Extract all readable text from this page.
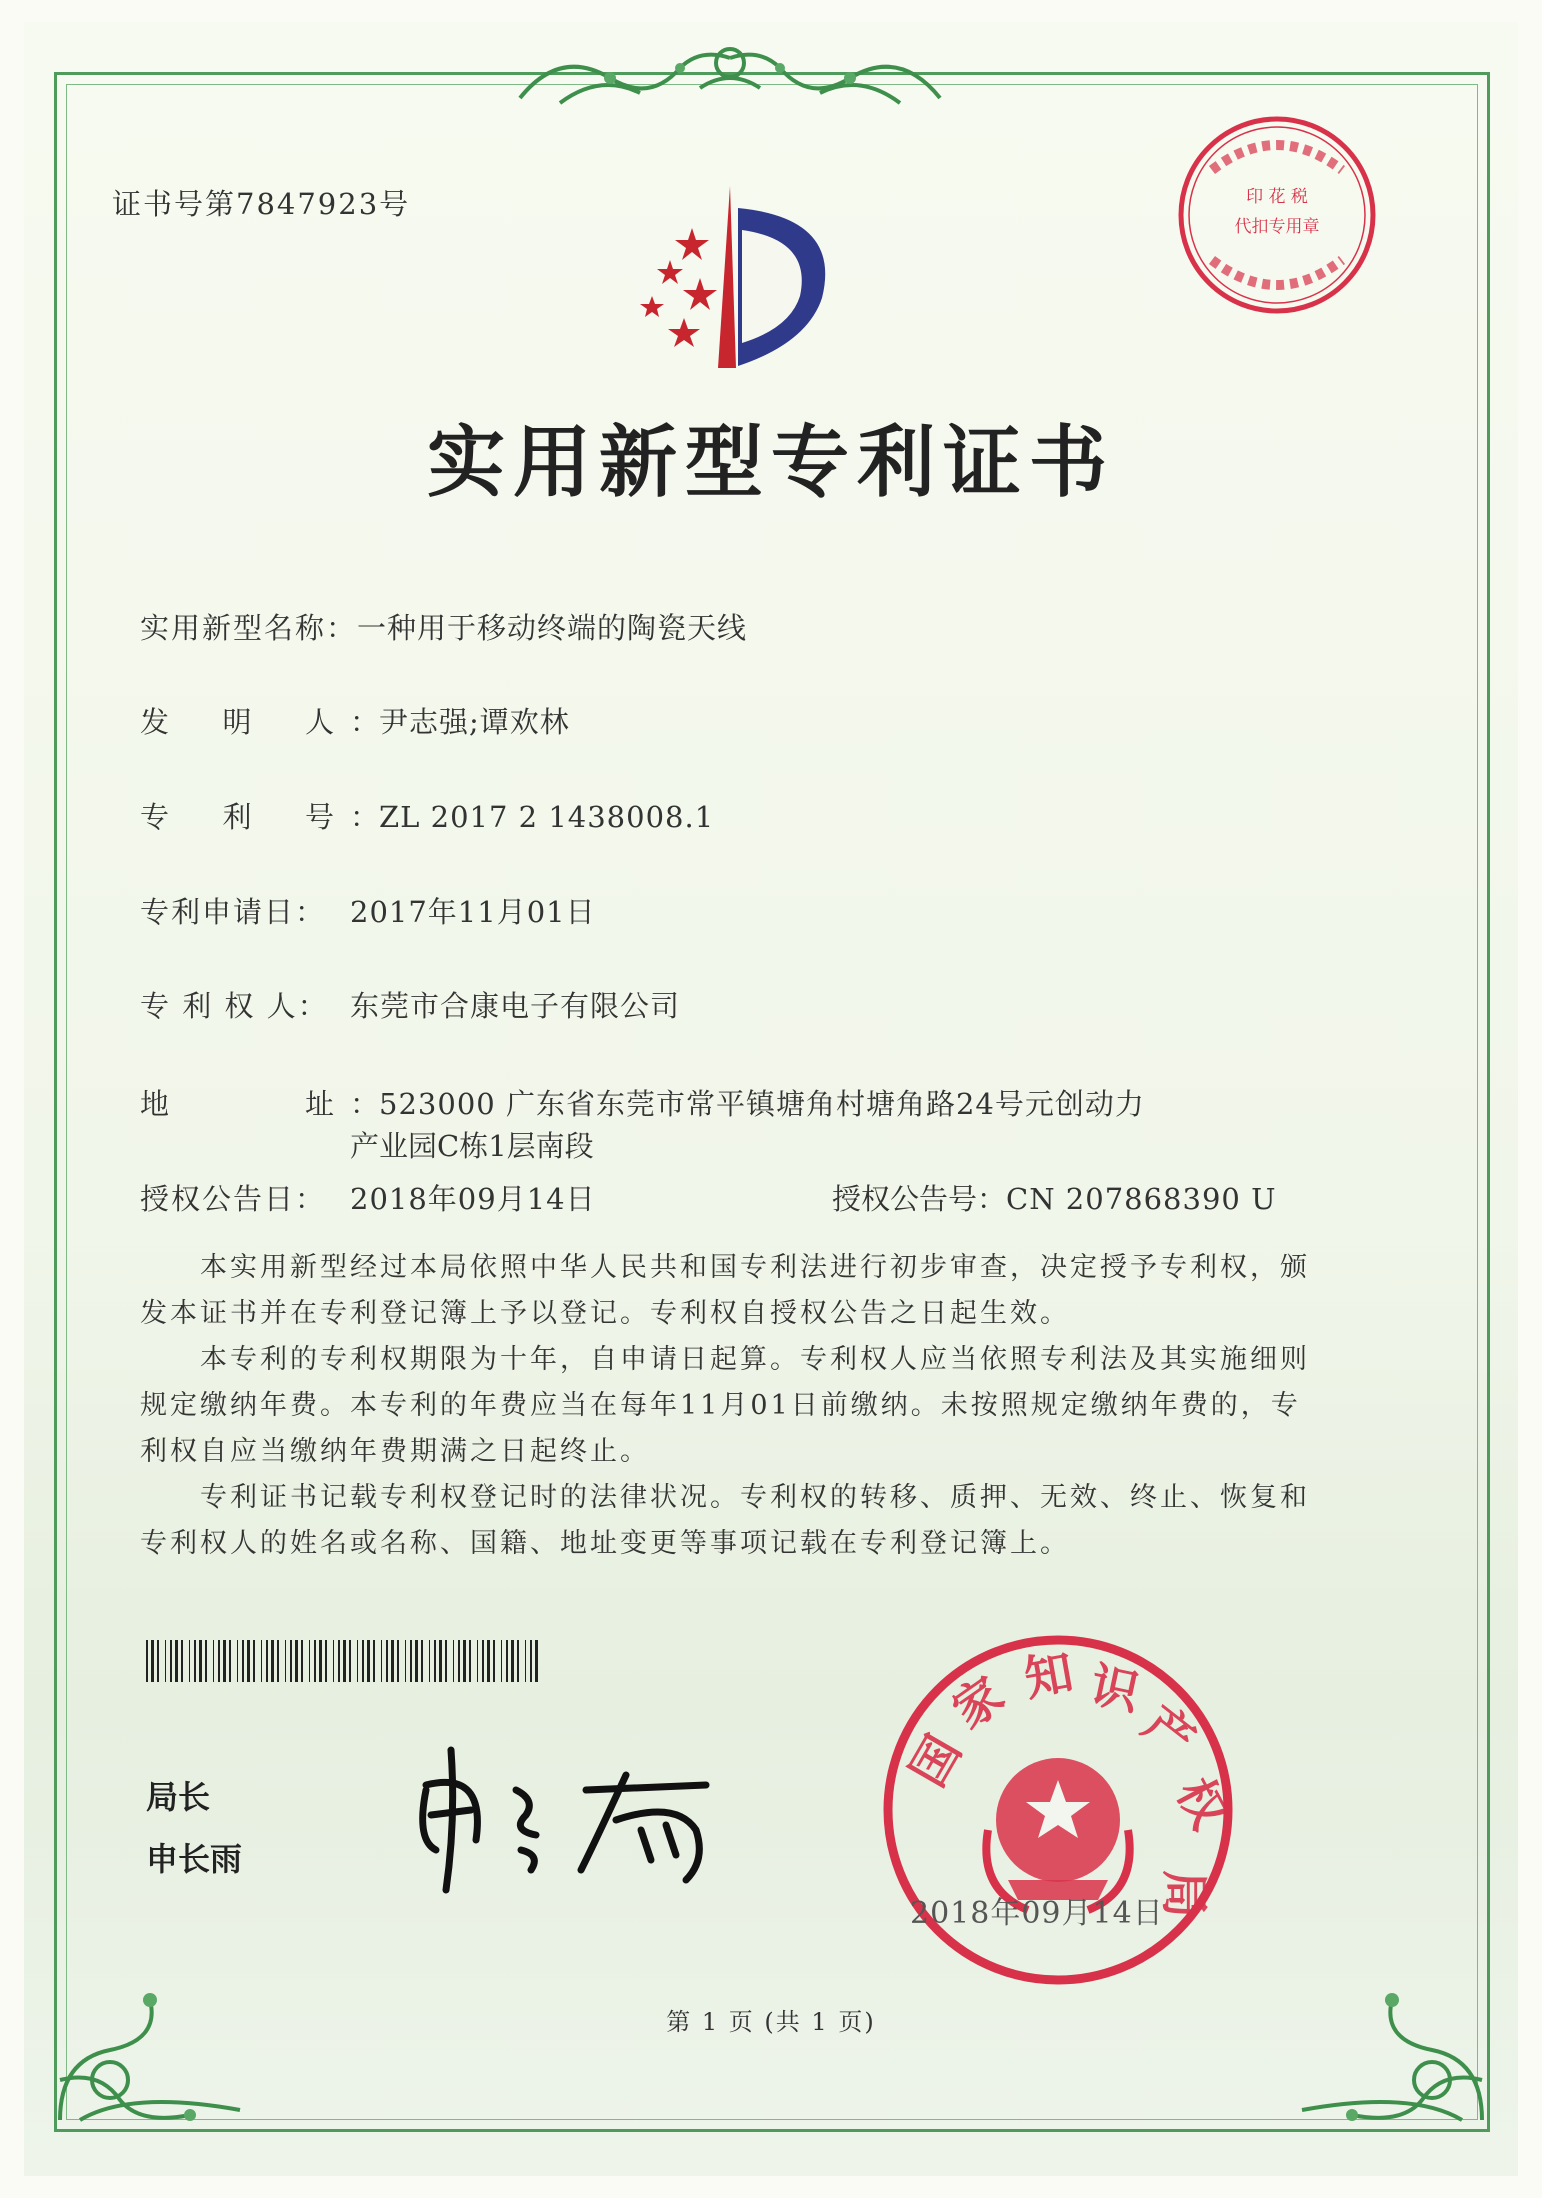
证书号第7847923号	印 花 税
代扣专用章
实用新型专利证书
实用新型名称：一种用于移动终端的陶瓷天线
发 明 人 ：尹志强;谭欢林
专 利 号 ：ZL 2017 2 1438008.1
专利申请日： 2017年11月01日
专 利 权 人： 东莞市合康电子有限公司
地	址 ：523000 广东省东莞市常平镇塘角村塘角路24号元创动力
产业园C栋1层南段
授权公告日： 2018年09月14日	授权公告号：CN 207868390 U

本实用新型经过本局依照中华人民共和国专利法进行初步审查，决定授予专利权，颁发本证书并在专利登记簿上予以登记。专利权自授权公告之日起生效。

本专利的专利权期限为十年，自申请日起算。专利权人应当依照专利法及其实施细则规定缴纳年费。本专利的年费应当在每年11月01日前缴纳。未按照规定缴纳年费的，专利权自应当缴纳年费期满之日起终止。

专利证书记载专利权登记时的法律状况。专利权的转移、质押、无效、终止、恢复和专利权人的姓名或名称、国籍、地址变更等事项记载在专利登记簿上。

局长
申长雨
国
家 知 识
产
权
局
2018年09月14日
第 1 页 (共 1 页)
